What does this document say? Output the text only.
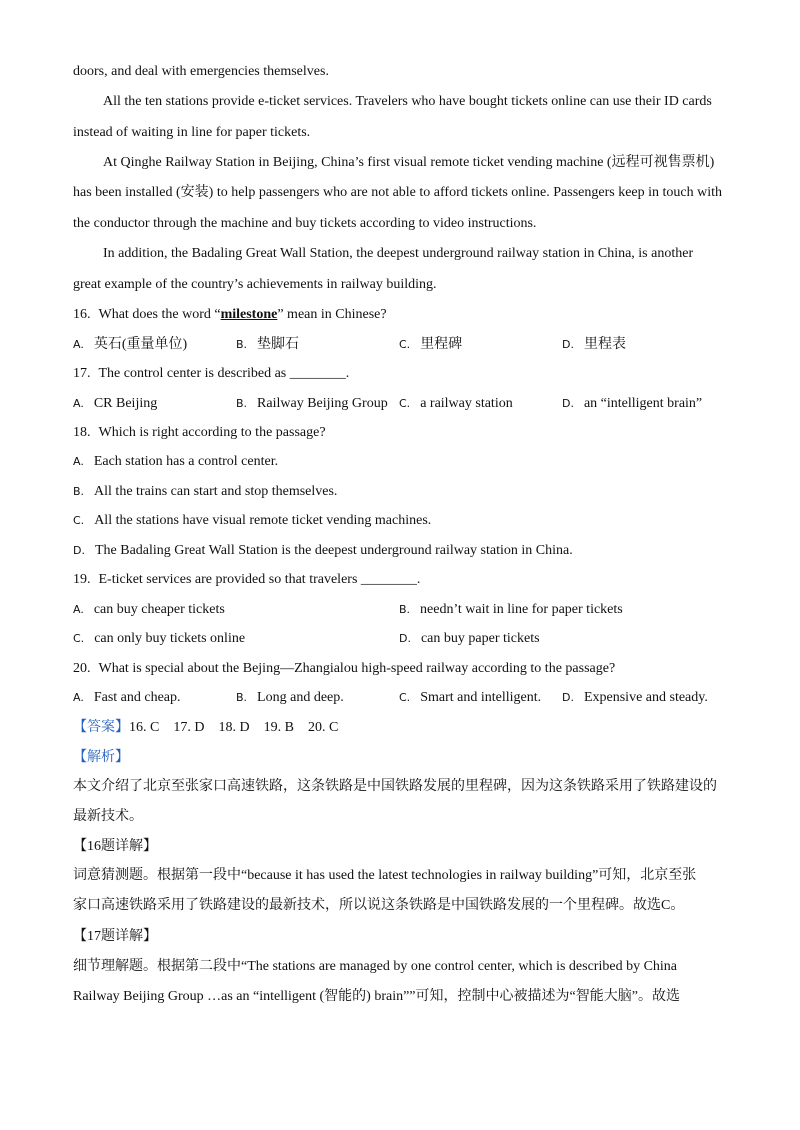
doors, and deal with emergencies themselves.
All the ten stations provide e-ticket services. Travelers who have bought tickets online can use their ID cards
instead of waiting in line for paper tickets.
At Qinghe Railway Station in Beijing, China’s first visual remote ticket vending machine (远程可视售票机)
has been installed (安装) to help passengers who are not able to afford tickets online. Passengers keep in touch with
the conductor through the machine and buy tickets according to video instructions.
In addition, the Badaling Great Wall Station, the deepest underground railway station in China, is another
great example of the country’s achievements in railway building.
16. What does the word “milestone” mean in Chinese?
A. 英石(重量单位)	B. 垫脚石	C. 里程碑	D. 里程表
17. The control center is described as ________.
A. CR Beijing	B. Railway Beijing Group C. a railway station	D. an “intelligent brain”
18. Which is right according to the passage?
A. Each station has a control center.
B. All the trains can start and stop themselves.
C. All the stations have visual remote ticket vending machines.
D. The Badaling Great Wall Station is the deepest underground railway station in China.
19. E-ticket services are provided so that travelers ________.
A. can buy cheaper tickets	B. needn’t wait in line for paper tickets
C. can only buy tickets online	D. can buy paper tickets
20. What is special about the Bejing—Zhangialou high-speed railway according to the passage?
A. Fast and cheap.	B. Long and deep.	C. Smart and intelligent. D. Expensive and steady.
【答案】16. C 17. D 18. D 19. B 20. C
【解析】
本文介绍了北京至张家口高速铁路，这条铁路是中国铁路发展的里程碑，因为这条铁路采用了铁路建设的
最新技术。
【16题详解】
词意猜测题。根据第一段中“because it has used the latest technologies in railway building”可知，北京至张
家口高速铁路采用了铁路建设的最新技术，所以说这条铁路是中国铁路发展的一个里程碑。故选C。
【17题详解】
细节理解题。根据第二段中“The stations are managed by one control center, which is described by China
Railway Beijing Group …as an “intelligent (智能的) brain””可知，控制中心被描述为“智能大脑”。故选
